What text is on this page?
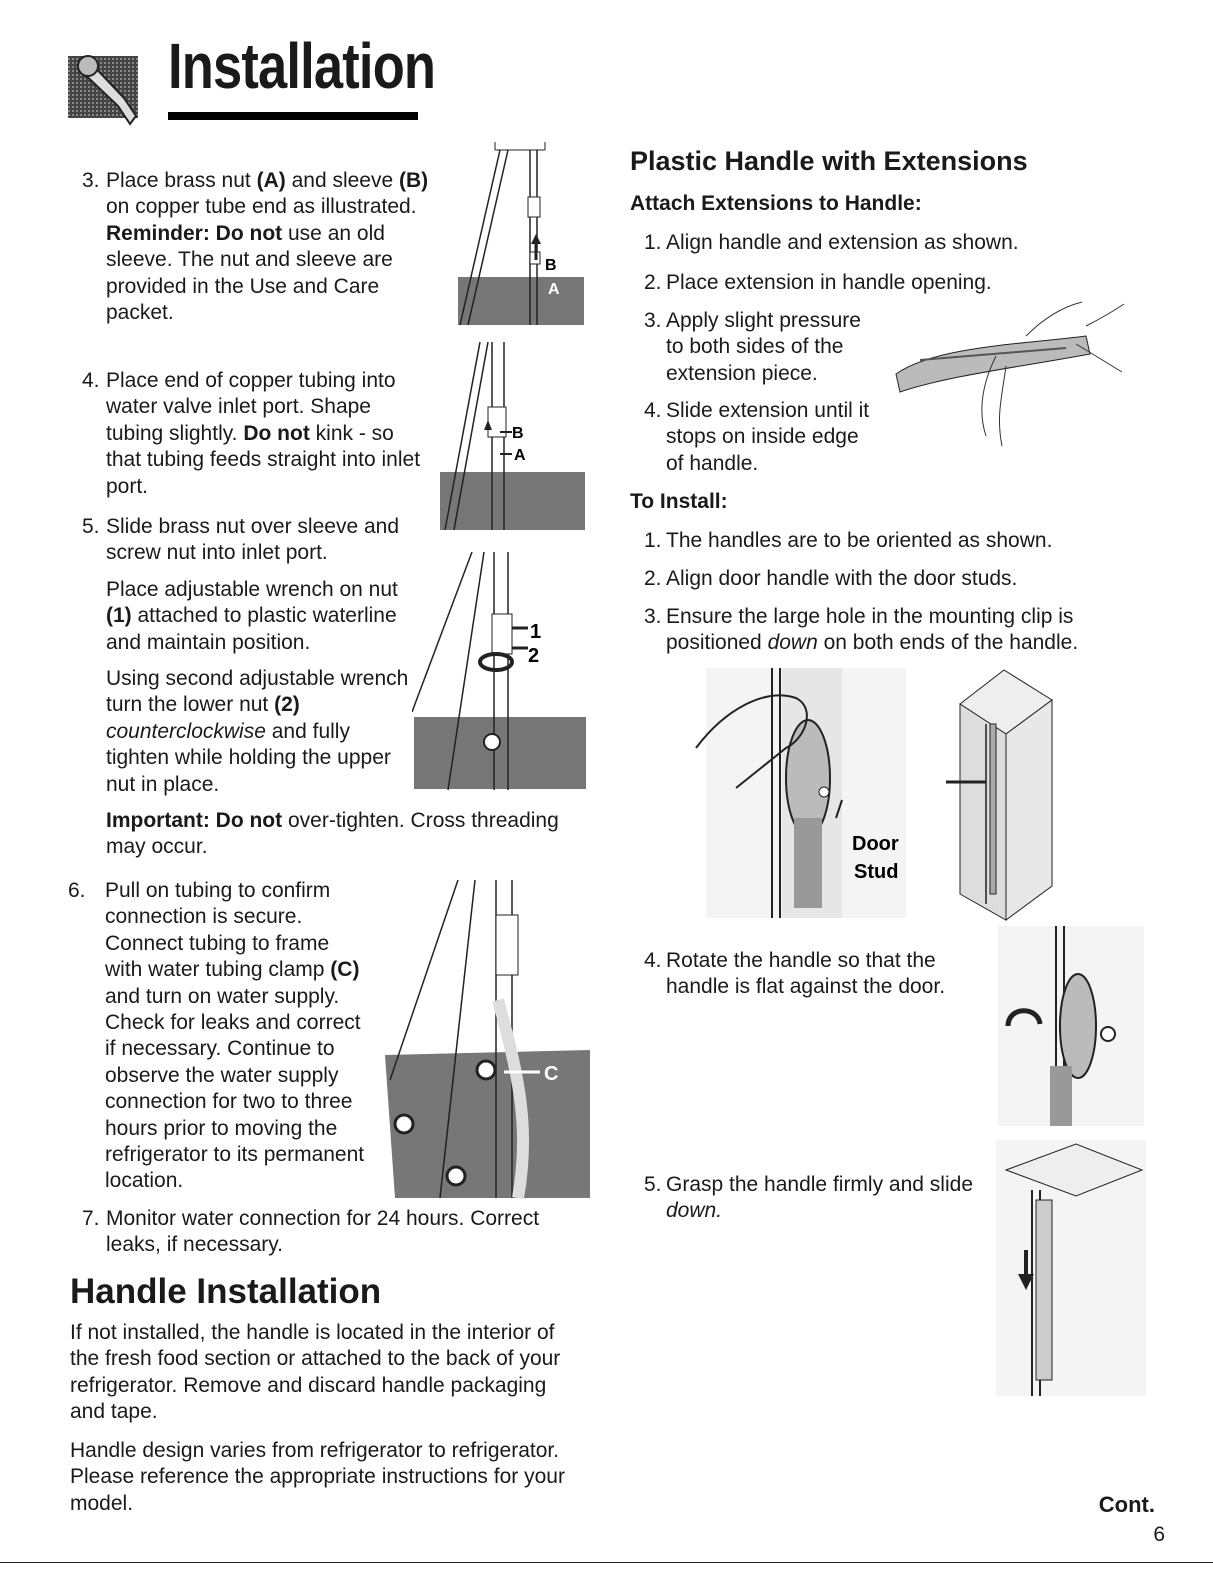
Installation
3. Place brass nut (A) and sleeve (B)

on copper tube end as illustrated.

Reminder: Do not use an old

sleeve. The nut and sleeve are

provided in the Use and Care

packet.

B
A
4. Place end of copper tubing into

water valve inlet port. Shape

tubing slightly. Do not kink - so

that tubing feeds straight into inlet

port.

B
A
5. Slide brass nut over sleeve and

screw nut into inlet port.

Place adjustable wrench on nut

(1) attached to plastic waterline

and maintain position.

Using second adjustable wrench

turn the lower nut (2)

counterclockwise and fully

tighten while holding the upper

nut in place.

Important: Do not over-tighten. Cross threading

may occur.

1
2
6. Pull on tubing to confirm

connection is secure.

Connect tubing to frame

with water tubing clamp (C)

and turn on water supply.

Check for leaks and correct

if necessary. Continue to

observe the water supply

connection for two to three

hours prior to moving the

refrigerator to its permanent

location.

C
7. Monitor water connection for 24 hours. Correct

leaks, if necessary.

Handle Installation
If not installed, the handle is located in the interior of
the fresh food section or attached to the back of your
refrigerator. Remove and discard handle packaging
and tape.
Handle design varies from refrigerator to refrigerator.
Please reference the appropriate instructions for your
model.
Plastic Handle with Extensions
Attach Extensions to Handle:
1. Align handle and extension as shown.

2. Place extension in handle opening.

3. Apply slight pressure

to both sides of the

extension piece.

4. Slide extension until it

stops on inside edge

of handle.

To Install:
1. The handles are to be oriented as shown.

2. Align door handle with the door studs.

3. Ensure the large hole in the mounting clip is

positioned down on both ends of the handle.

Door
Stud
4. Rotate the handle so that the

handle is flat against the door.

5. Grasp the handle firmly and slide

down.

Cont.
6
